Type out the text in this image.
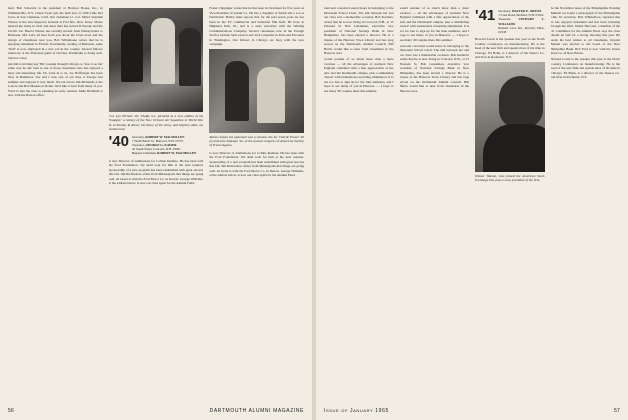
land. Bob Schwartz is the president of Horizon House, Inc., in Williamsville, N.Y. Chuck Swett gets his mail now at 1036 Calle Del Cerro in San Clemente, Calif. Our classmate Lt. Col. Myles Standish Weston is the new Inspector General at Fort Dix, New Jersey. Myles entered the Army in 1941 and since then has served in Europe and the Pacific. Dr. Harold Warner has recently moved from Pennsylvania to Bethesda, Md. Let's all hear from you about the Class news and the doings of classmates near you. Bob Whitehouse writes that he is enjoying retirement in Florida. Excellently, reading of Bethesda, some 'Wolf' is now employed in a new job in the country. Several fellows turned up at the Princeton game in October. Dartmouth is doing well. Send us a line.

pin him is inviting any 'Biz' passing through Chicago to 'lose it on the' same way he did. Ken is one of those classmates who has enjoyed a busy and interesting life. Do write in to us. Joe Hoffberger has been busy in Baltimore. See and I took one of our trips to Europe last summer and enjoyed it very much. We ran across Jim McIntosh at the Louvre and Bob Menees in Rome. We'd like to hear from many of you. Word is that the class is planning an early reunion. Mike Bramhall is now with the Boston office.

Col. Lyn Nichols '40, USAR, ret., pictured at a new edition of his 'Snapper,' a history of the New Orleans Air Squadron in World War II, to Stanley R. Resor, Secretary of the Army, and Stephen Ailes, his predecessor.
'40 Secretary, ROBERT W. MACMILLEN
7 North Balch St., Hanover, N.H. 03755
Treasurer, GEORGE G. KAISER
45 South Street, Concord, N.H. 03301
Bequest Chairman, ROBERT W. MACMILLEN

is now Director of Admissions for Collins Institute. He has been with the Ford Foundation. We shall look for him at the next reunion. Sponsorship of a new program has been established with great success this fall. Jim Richardson writes from Minneapolis that things are going well. Al Grant is with the Ford Motor Co. in Detroit. George Williams, at the address below, is now our class agent for the Alumni Fund.

Foster Clippinger writes that he has been in Cleveland for five years as Vice-President of Austin Co. He has a daughter at Smith and a son at Dartmouth. Bobby Ashe reports that for the past seven years he has been in the TV commercial and industrial film field. He lives in Highland Park, Ill., and is a sales executive with the Wilding Communications Company. Several classmates now in the Foreign Service include Sam Lawton and Jack Carpenter in Paris and Ed Gates in Washington. Our fellows in Chicago are busy with the new campaign.

Athens before the upheaval was a reunion site for Charlie Power '40 (l) and Luis Zalzman '42, at the annual congress of American Society of Travel Agents.

is now Director of Admissions for Collins Institute. He has been with the Ford Foundation. We shall look for him at the next reunion. Sponsorship of a new program has been established with great success this fall. Jim Richardson writes from Minneapolis that things are going well. Al Grant is with the Ford Motor Co. in Detroit. George Williams, at the address below, is now our class agent for the Alumni Fund.

56	DARTMOUTH ALUMNI MAGAZINE

loud and concerted sound hours in belonging to the Dissonant School Choir. The talk between her and our class was a memorable occasion. Bob Kershaw writes that he is now living in Concord, N.H., at 15 Pleasant St. Bob Lundeman, executive vice president of National Savings Bank in New Hampshire, has been elected a director. He is a trustee of the Hanover Town Library and has long served on the Dartmouth Alumni Council. Bill Harris would like to hear from classmates in the Hanover area.

would partake of so much more than a mere vacation — all the advantages of northern New England combined with a fine appreciation of the Arts and the Dartmouth campus, plus a stimulating 'retreat' with tremendous rewarding stimulation. It is not too late to sign up for the June seminars, and I hope to see many of you in Hanover. — I hope to see many '40 couples there this summer.

would partake of so much more than a mere vacation — all the advantages of northern New England combined with a fine appreciation of the Arts and the Dartmouth campus, plus a stimulating 'retreat' with tremendous rewarding stimulation. It is not too late to sign up for the June seminars, and I hope to see many of you in Hanover. — I hope to see many '40 couples there this summer.

loud and concerted sound hours in belonging to the Dissonant School Choir. The talk between her and our class was a memorable occasion. Bob Kershaw writes that he is now living in Concord, N.H., at 15 Pleasant St. Bob Lundeman, executive vice president of National Savings Bank in New Hampshire, has been elected a director. He is a trustee of the Hanover Town Library and has long served on the Dartmouth Alumni Council. Bill Harris would like to hear from classmates in the Hanover area.

'41 Secretary, WALTER E. ORTON
1 Crest Road, Bedford, N.H. 03102
Treasurer, STEWART L. WILLIAMS
Bennett Cove Rd., Ipswich, Mass. 01938

Howard Lewis is the speaker this year at the North Country Conference on manufacturing. He is the head of the new firm and spends most of his time in Chicago. Ed Bohn, is a director of the Seneca Co. and lives in Rochester, N.Y.

Winsor Watson, who joined the American Stock Exchange this year, is now president of the firm.

At the November issue of the Philadelphia Evening Bulletin we found a photograph of the Philadelphia Club. Its secretary, Bob Whittemore, reported that he has enjoyed retirement and has been traveling through the West. Walter Harcourt, a member of the '41 Committee for the Alumni Fund, says the class should all aim for a strong showing this year. He sends his best wishes to all classmates. Donald Bernett was elected to the board of the New Hampshire Bank. Bob Ford is now with the Union Trust Co. in New Haven.

Howard Lewis is the speaker this year at the North Country Conference on manufacturing. He is the head of the new firm and spends most of his time in Chicago. Ed Bohn, is a director of the Seneca Co. and lives in Rochester, N.Y.

Issue of January 1965	57
